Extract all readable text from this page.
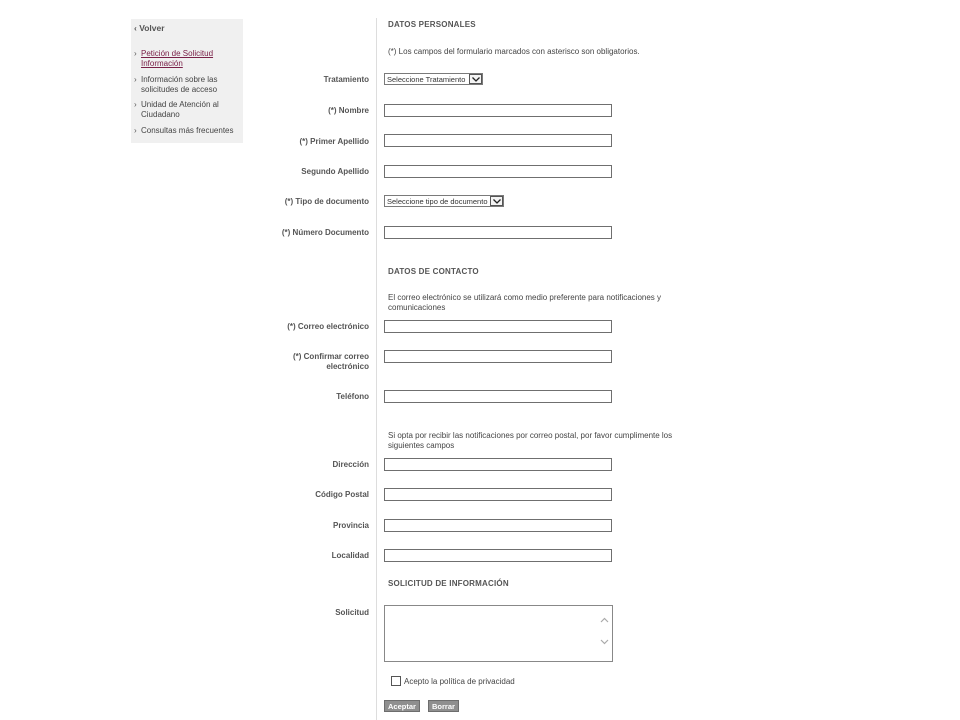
‹ Volver
› Petición de Solicitud Información
› Información sobre las solicitudes de acceso
› Unidad de Atención al Ciudadano
› Consultas más frecuentes
DATOS PERSONALES
(*) Los campos del formulario marcados con asterisco son obligatorios.
Tratamiento Seleccione Tratamiento
(*) Nombre
(*) Primer Apellido
Segundo Apellido
(*) Tipo de documento Seleccione tipo de documento
(*) Número Documento
DATOS DE CONTACTO
El correo electrónico se utilizará como medio preferente para notificaciones y comunicaciones
(*) Correo electrónico
(*) Confirmar correo
electrónico
Teléfono
Si opta por recibir las notificaciones por correo postal, por favor cumplimente los siguientes campos
Dirección
Código Postal
Provincia
Localidad
SOLICITUD DE INFORMACIÓN
Solicitud
Acepto la política de privacidad
Aceptar	Borrar
